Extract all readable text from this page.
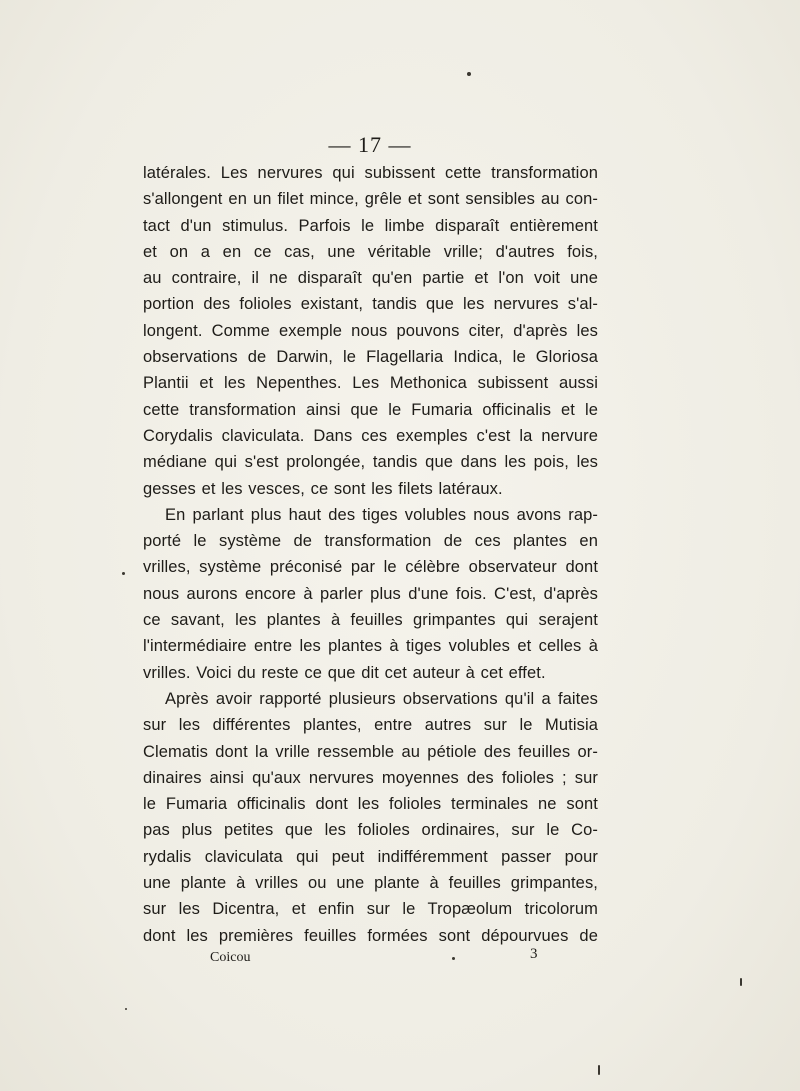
— 17 —
latérales. Les nervures qui subissent cette transformation
s'allongent en un filet mince, grêle et sont sensibles au con-
tact d'un stimulus. Parfois le limbe disparaît entièrement
et on a en ce cas, une véritable vrille; d'autres fois,
au contraire, il ne disparaît qu'en partie et l'on voit une
portion des folioles existant, tandis que les nervures s'al-
longent. Comme exemple nous pouvons citer, d'après les
observations de Darwin, le Flagellaria Indica, le Gloriosa
Plantii et les Nepenthes. Les Methonica subissent aussi
cette transformation ainsi que le Fumaria officinalis et le
Corydalis claviculata. Dans ces exemples c'est la nervure
médiane qui s'est prolongée, tandis que dans les pois, les
gesses et les vesces, ce sont les filets latéraux.
En parlant plus haut des tiges volubles nous avons rap-
porté le système de transformation de ces plantes en
vrilles, système préconisé par le célèbre observateur dont
nous aurons encore à parler plus d'une fois. C'est, d'après
ce savant, les plantes à feuilles grimpantes qui serajent
l'intermédiaire entre les plantes à tiges volubles et celles à
vrilles. Voici du reste ce que dit cet auteur à cet effet.
Après avoir rapporté plusieurs observations qu'il a faites
sur les différentes plantes, entre autres sur le Mutisia
Clematis dont la vrille ressemble au pétiole des feuilles or-
dinaires ainsi qu'aux nervures moyennes des folioles ; sur
le Fumaria officinalis dont les folioles terminales ne sont
pas plus petites que les folioles ordinaires, sur le Co-
rydalis claviculata qui peut indifféremment passer pour
une plante à vrilles ou une plante à feuilles grimpantes,
sur les Dicentra, et enfin sur le Tropæolum tricolorum
dont les premières feuilles formées sont dépourvues de
Coicou	3
